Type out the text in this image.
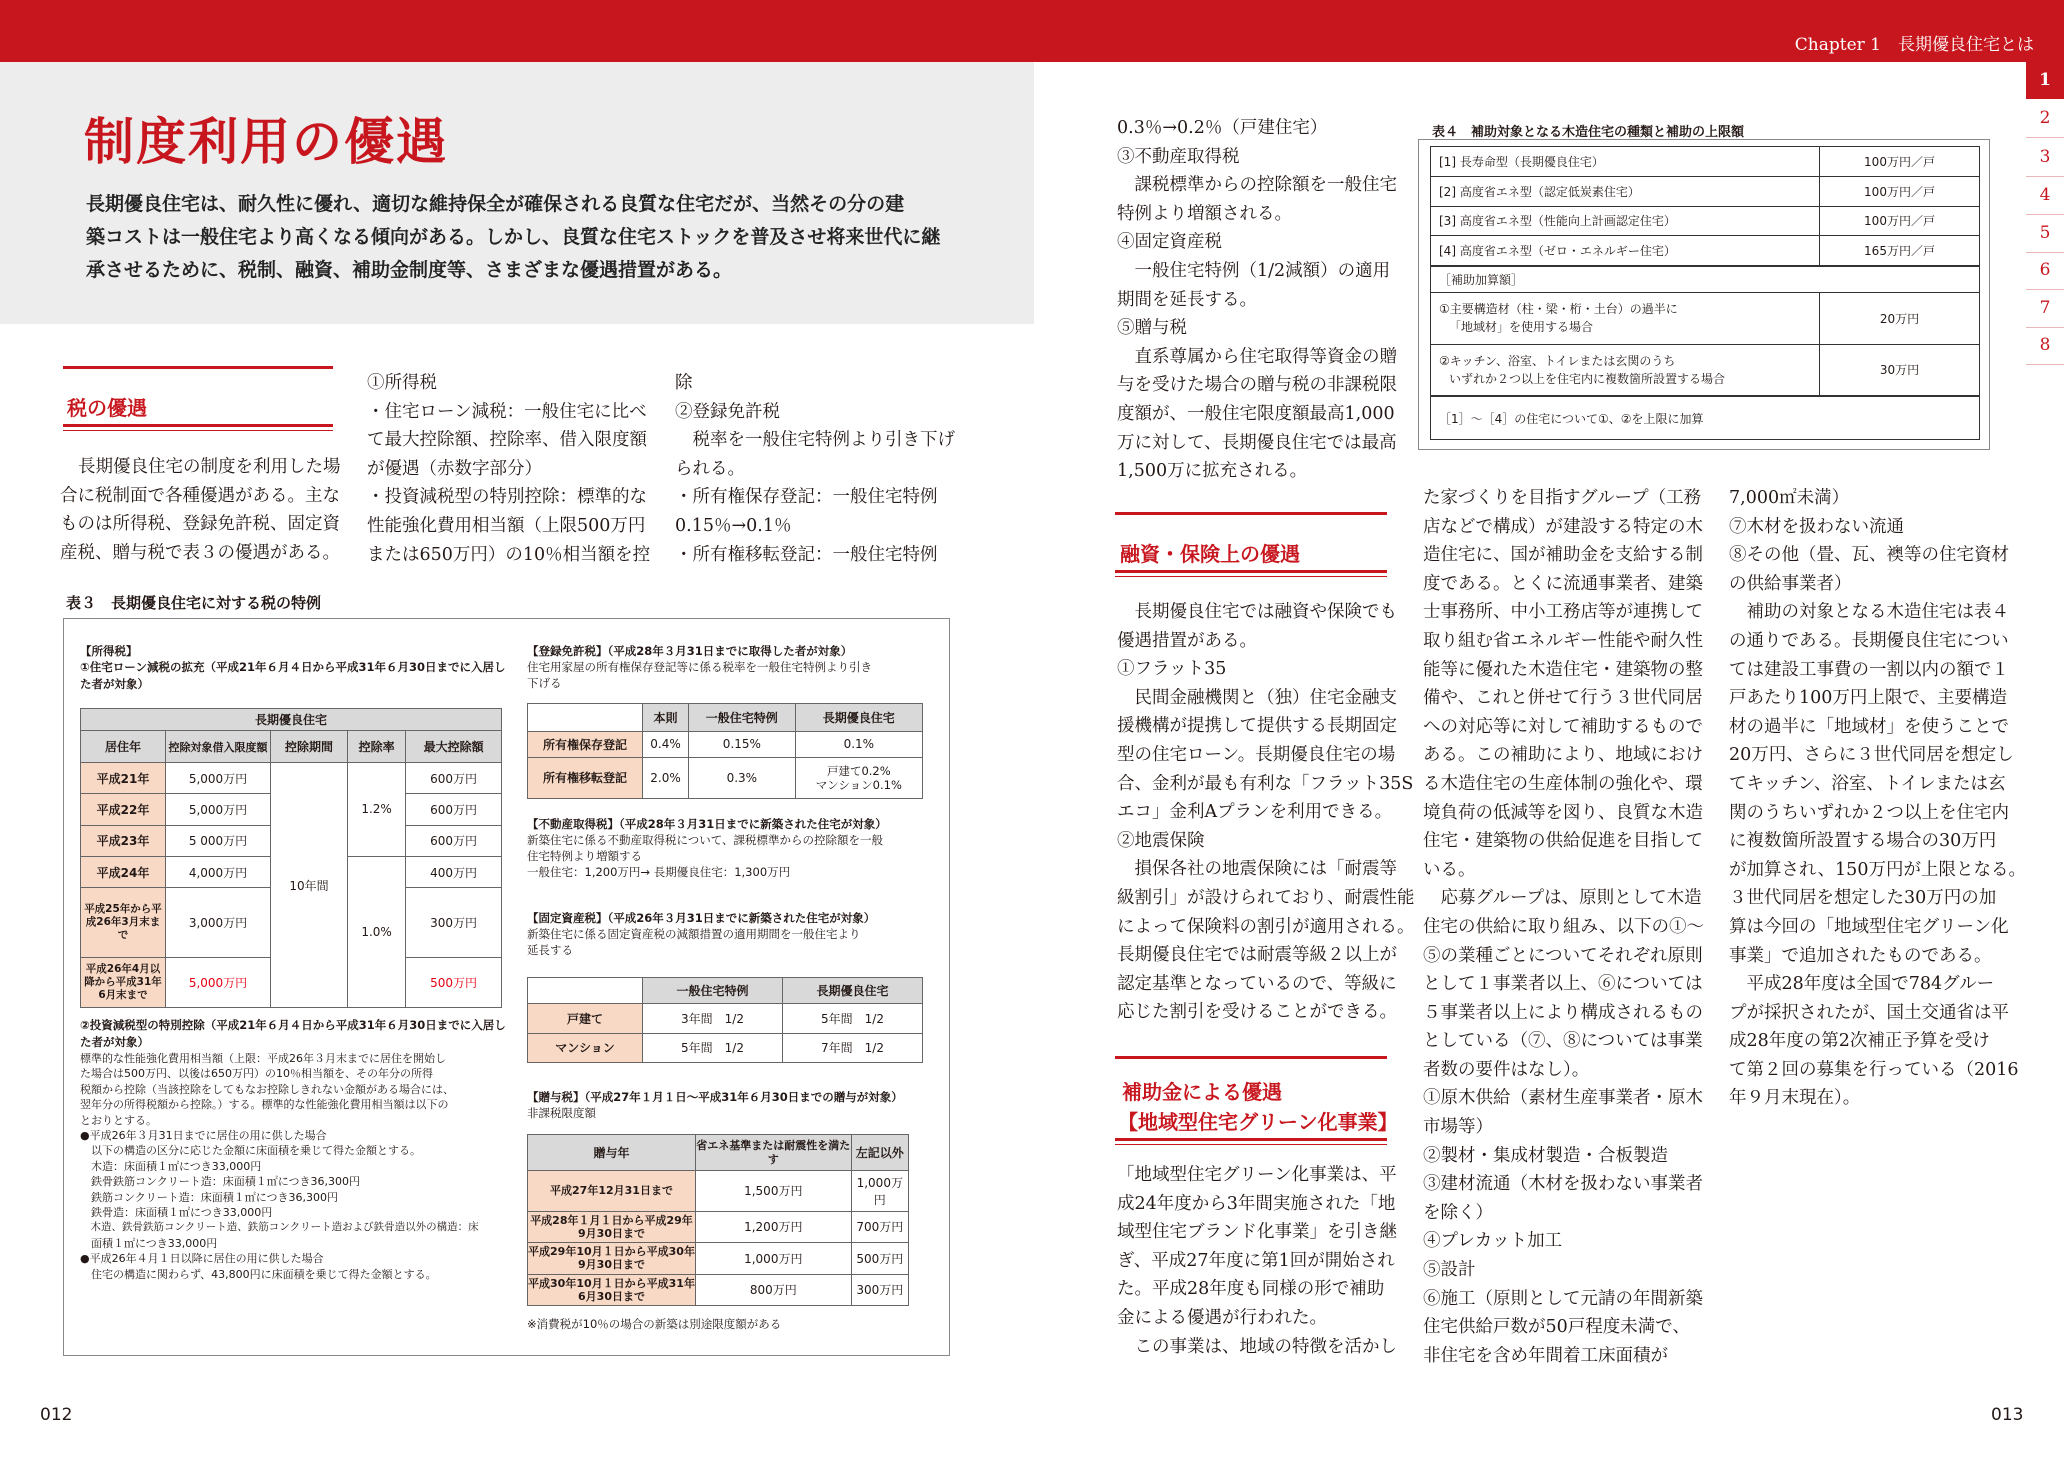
Chapter 1　長期優良住宅とは
制度利用の優遇
長期優良住宅は、耐久性に優れ、適切な維持保全が確保される良質な住宅だが、当然その分の建
築コストは一般住宅より高くなる傾向がある。しかし、良質な住宅ストックを普及させ将来世代に継
承させるために、税制、融資、補助金制度等、さまざまな優遇措置がある。
税の優遇
長期優良住宅の制度を利用した場
合に税制面で各種優遇がある。主な
ものは所得税、登録免許税、固定資
産税、贈与税で表３の優遇がある。
①所得税
・住宅ローン減税：一般住宅に比べ
て最大控除額、控除率、借入限度額
が優遇（赤数字部分）
・投資減税型の特別控除：標準的な
性能強化費用相当額（上限500万円
または650万円）の10％相当額を控
除
②登録免許税
　税率を一般住宅特例より引き下げ
られる。
・所有権保存登記：一般住宅特例
0.15％→0.1％
・所有権移転登記：一般住宅特例
表３　長期優良住宅に対する税の特例
【所得税】
①住宅ローン減税の拡充（平成21年６月４日から平成31年６月30日までに入居した者が対象）
長期優良住宅				
居住年	控除対象借入限度額	控除期間	控除率	最大控除額
平成21年	5,000万円	10年間	1.2%	600万円
平成22年	5,000万円			600万円
平成23年	5 000万円			600万円
平成24年	4,000万円		1.0%	400万円
平成25年から平成26年3月末まで	3,000万円			300万円
平成26年4月以降から平成31年6月末まで	5,000万円			500万円
②投資減税型の特別控除（平成21年６月４日から平成31年６月30日までに入居した者が対象）
標準的な性能強化費用相当額（上限：平成26年３月末までに居住を開始し
た場合は500万円、以後は650万円）の10％相当額を、その年分の所得
税額から控除（当該控除をしてもなお控除しきれない金額がある場合には、
翌年分の所得税額から控除。）する。標準的な性能強化費用相当額は以下の
とおりとする。
●平成26年３月31日までに居住の用に供した場合
　以下の構造の区分に応じた金額に床面積を乗じて得た金額とする。
　木造：床面積１㎡につき33,000円
　鉄骨鉄筋コンクリート造：床面積１㎡につき36,300円
　鉄筋コンクリート造：床面積１㎡につき36,300円
　鉄骨造：床面積１㎡につき33,000円
　木造、鉄骨鉄筋コンクリート造、鉄筋コンクリート造および鉄骨造以外の構造：床
　面積１㎡につき33,000円
●平成26年４月１日以降に居住の用に供した場合
　住宅の構造に関わらず、43,800円に床面積を乗じて得た金額とする。
【登録免許税】（平成28年３月31日までに取得した者が対象）
住宅用家屋の所有権保存登記等に係る税率を一般住宅特例より引き
下げる
	本則	一般住宅特例	長期優良住宅
所有権保存登記	0.4%	0.15%	0.1%
所有権移転登記	2.0%	0.3%	戸建て0.2%
マンション0.1%
【不動産取得税】（平成28年３月31日までに新築された住宅が対象）
新築住宅に係る不動産取得税について、課税標準からの控除額を一般
住宅特例より増額する
一般住宅：1,200万円→ 長期優良住宅：1,300万円
【固定資産税】（平成26年３月31日までに新築された住宅が対象）
新築住宅に係る固定資産税の減額措置の適用期間を一般住宅より
延長する
	一般住宅特例	長期優良住宅
戸建て	3年間　1/2	5年間　1/2
マンション	5年間　1/2	7年間　1/2
【贈与税】（平成27年１月１日〜平成31年６月30日までの贈与が対象）
非課税限度額
贈与年	省エネ基準または耐震性を満たす	左記以外
平成27年12月31日まで	1,500万円	1,000万円
平成28年１月１日から平成29年9月30日まで	1,200万円	700万円
平成29年10月１日から平成30年9月30日まで	1,000万円	500万円
平成30年10月１日から平成31年6月30日まで	800万円	300万円
※消費税が10％の場合の新築は別途限度額がある
012
0.3％→0.2％（戸建住宅）
③不動産取得税
　課税標準からの控除額を一般住宅
特例より増額される。
④固定資産税
　一般住宅特例（1/2減額）の適用
期間を延長する。
⑤贈与税
　直系尊属から住宅取得等資金の贈
与を受けた場合の贈与税の非課税限
度額が、一般住宅限度額最高1,000
万に対して、長期優良住宅では最高
1,500万に拡充される。
表４　補助対象となる木造住宅の種類と補助の上限額
[1] 長寿命型（長期優良住宅）	100万円／戸
[2] 高度省エネ型（認定低炭素住宅）	100万円／戸
[3] 高度省エネ型（性能向上計画認定住宅）	100万円／戸
[4] 高度省エネ型（ゼロ・エネルギー住宅）	165万円／戸
［補助加算額］	

①主要構造材（柱・梁・桁・土台）の過半に
「地域材」を使用する場合	20万円

②キッチン、浴室、トイレまたは玄関のうち
いずれか２つ以上を住宅内に複数箇所設置する場合	30万円
［1］〜［4］の住宅について①、②を上限に加算
融資・保険上の優遇
　長期優良住宅では融資や保険でも
優遇措置がある。
①フラット35
　民間金融機関と（独）住宅金融支
援機構が提携して提供する長期固定
型の住宅ローン。長期優良住宅の場
合、金利が最も有利な「フラット35S
エコ」金利Aプランを利用できる。
②地震保険
　損保各社の地震保険には「耐震等
級割引」が設けられており、耐震性能
によって保険料の割引が適用される。
長期優良住宅では耐震等級２以上が
認定基準となっているので、等級に
応じた割引を受けることができる。
補助金による優遇
【地域型住宅グリーン化事業】
「地域型住宅グリーン化事業は、平
成24年度から3年間実施された「地
域型住宅ブランド化事業」を引き継
ぎ、平成27年度に第1回が開始され
た。平成28年度も同様の形で補助
金による優遇が行われた。
　この事業は、地域の特徴を活かし
た家づくりを目指すグループ（工務
店などで構成）が建設する特定の木
造住宅に、国が補助金を支給する制
度である。とくに流通事業者、建築
士事務所、中小工務店等が連携して
取り組む省エネルギー性能や耐久性
能等に優れた木造住宅・建築物の整
備や、これと併せて行う３世代同居
への対応等に対して補助するもので
ある。この補助により、地域におけ
る木造住宅の生産体制の強化や、環
境負荷の低減等を図り、良質な木造
住宅・建築物の供給促進を目指して
いる。
　応募グループは、原則として木造
住宅の供給に取り組み、以下の①〜
⑤の業種ごとについてそれぞれ原則
として１事業者以上、⑥については
５事業者以上により構成されるもの
としている（⑦、⑧については事業
者数の要件はなし）。
①原木供給（素材生産事業者・原木
市場等）
②製材・集成材製造・合板製造
③建材流通（木材を扱わない事業者
を除く）
④プレカット加工
⑤設計
⑥施工（原則として元請の年間新築
住宅供給戸数が50戸程度未満で、
非住宅を含め年間着工床面積が
7,000㎡未満）
⑦木材を扱わない流通
⑧その他（畳、瓦、襖等の住宅資材
の供給事業者）
　補助の対象となる木造住宅は表４
の通りである。長期優良住宅につい
ては建設工事費の一割以内の額で１
戸あたり100万円上限で、主要構造
材の過半に「地域材」を使うことで
20万円、さらに３世代同居を想定し
てキッチン、浴室、トイレまたは玄
関のうちいずれか２つ以上を住宅内
に複数箇所設置する場合の30万円
が加算され、150万円が上限となる。
３世代同居を想定した30万円の加
算は今回の「地域型住宅グリーン化
事業」で追加されたものである。
　平成28年度は全国で784グルー
プが採択されたが、国土交通省は平
成28年度の第2次補正予算を受け
て第２回の募集を行っている（2016
年９月末現在）。
013
1
2
3
4
5
6
7
8
